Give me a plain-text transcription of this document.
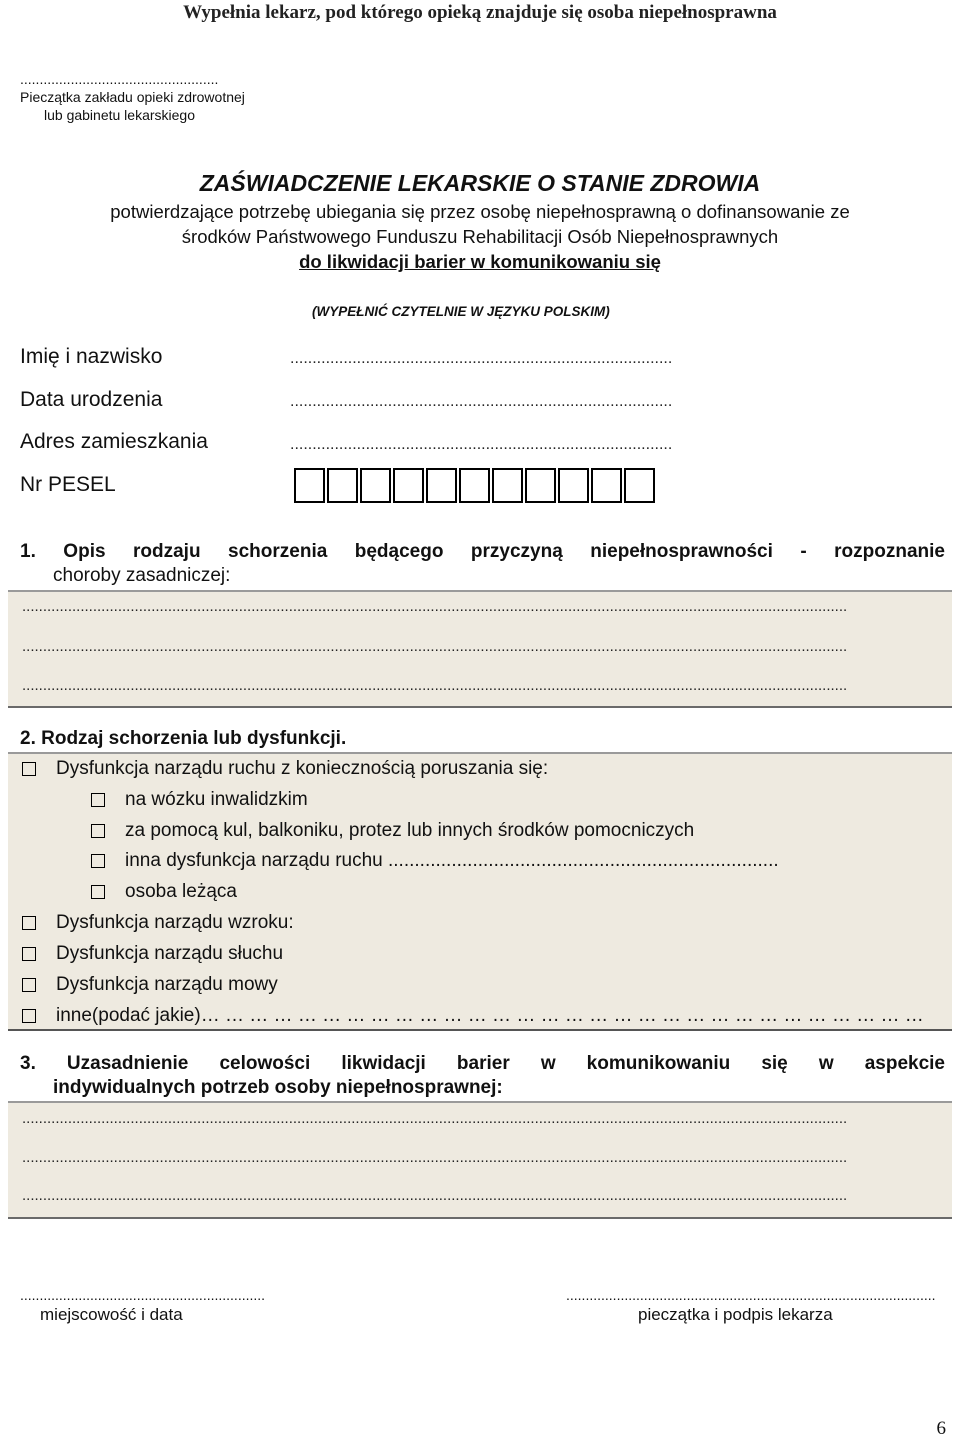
Wypełnia lekarz, pod którego opieką znajduje się osoba niepełnosprawna
...................................................
Pieczątka zakładu opieki zdrowotnej
lub gabinetu lekarskiego
ZAŚWIADCZENIE LEKARSKIE O STANIE ZDROWIA
potwierdzające potrzebę ubiegania się przez osobę niepełnosprawną o dofinansowanie ze
środków Państwowego Funduszu Rehabilitacji Osób Niepełnosprawnych
do likwidacji barier w komunikowaniu się
(WYPEŁNIĆ CZYTELNIE W JĘZYKU POLSKIM)
Imię i nazwisko	......................................................................................
Data urodzenia	......................................................................................
Adres zamieszkania	......................................................................................
Nr PESEL
1. Opis rodzaju schorzenia będącego przyczyną niepełnosprawności - rozpoznanie
choroby zasadniczej:
......................................................................................................................................................................................................
......................................................................................................................................................................................................
......................................................................................................................................................................................................
2. Rodzaj schorzenia lub dysfunkcji.
Dysfunkcja narządu ruchu z koniecznością poruszania się:
na wózku inwalidzkim
za pomocą kul, balkoniku, protez lub innych środków pomocniczych
inna dysfunkcja narządu ruchu ..........................................................................
osoba leżąca
Dysfunkcja narządu wzroku:
Dysfunkcja narządu słuchu
Dysfunkcja narządu mowy
inne(podać jakie)… … … … … … … … … … … … … … … … … … … … … … … … … … … … … …
3. Uzasadnienie celowości likwidacji barier w komunikowaniu się w aspekcie
indywidualnych potrzeb osoby niepełnosprawnej:
......................................................................................................................................................................................................
......................................................................................................................................................................................................
......................................................................................................................................................................................................
...............................................................
miejscowość i data
...............................................................................................
pieczątka i podpis lekarza
6
